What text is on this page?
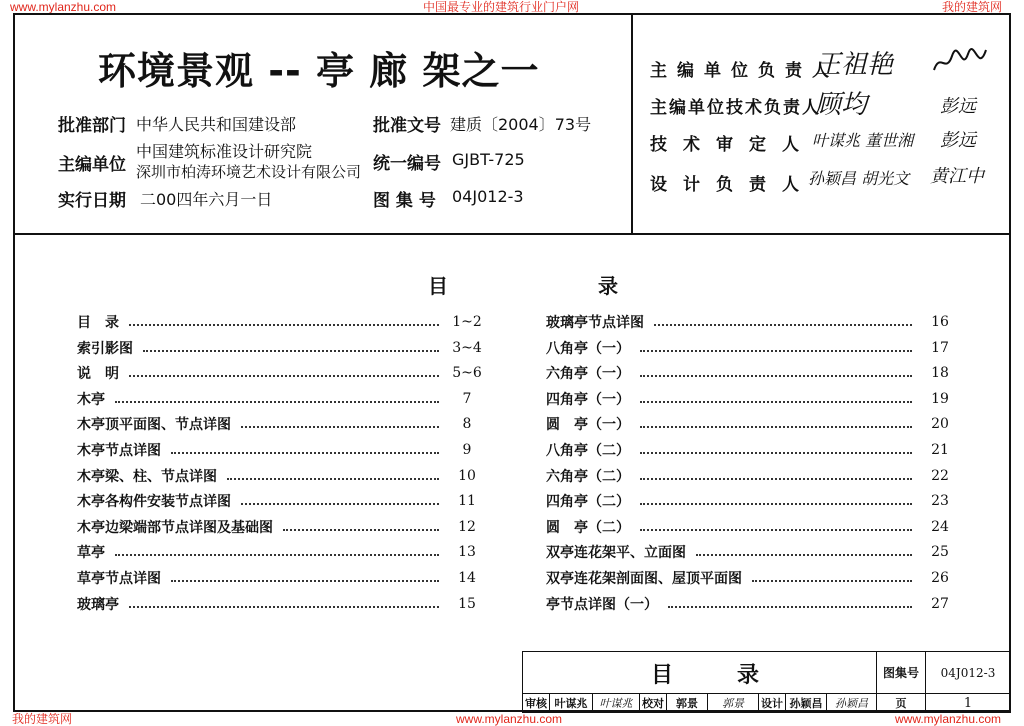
www.mylanzhu.com	中国最专业的建筑行业门户网	我的建筑网
我的建筑网	www.mylanzhu.com	www.mylanzhu.com
环境景观 -- 亭 廊 架之一
批准部门 中华人民共和国建设部
主编单位
中国建筑标准设计研究院
深圳市柏涛环境艺术设计有限公司
实行日期 二00四年六月一日
批准文号 建质〔2004〕73号
统一编号 GJBT-725
图 集 号 04J012-3
主编单位负责人
王祖艳
主编单位技术负责人
顾均	彭远
技术审定人
叶谋兆 董世湘 彭远
设计负责人
孙颖昌 胡光文 黄江中
目	录
目　录	1~2
索引影图	3~4
说　明	5~6
木亭	7
木亭顶平面图、节点详图	8
木亭节点详图	9
木亭梁、柱、节点详图	10
木亭各构件安装节点详图	11
木亭边梁端部节点详图及基础图	12
草亭	13
草亭节点详图	14
玻璃亭	15
玻璃亭节点详图	16
八角亭（一）	17
六角亭（一）	18
四角亭（一）	19
圆　亭（一）	20
八角亭（二）	21
六角亭（二）	22
四角亭（二）	23
圆　亭（二）	24
双亭连花架平、立面图	25
双亭连花架剖面图、屋顶平面图	26
亭节点详图（一）	27
目	录	图集号	04J012-3
审核 叶谋兆	叶谋兆 校对	郭景	郭景	设计 孙颖昌	孙颖昌	页	1
